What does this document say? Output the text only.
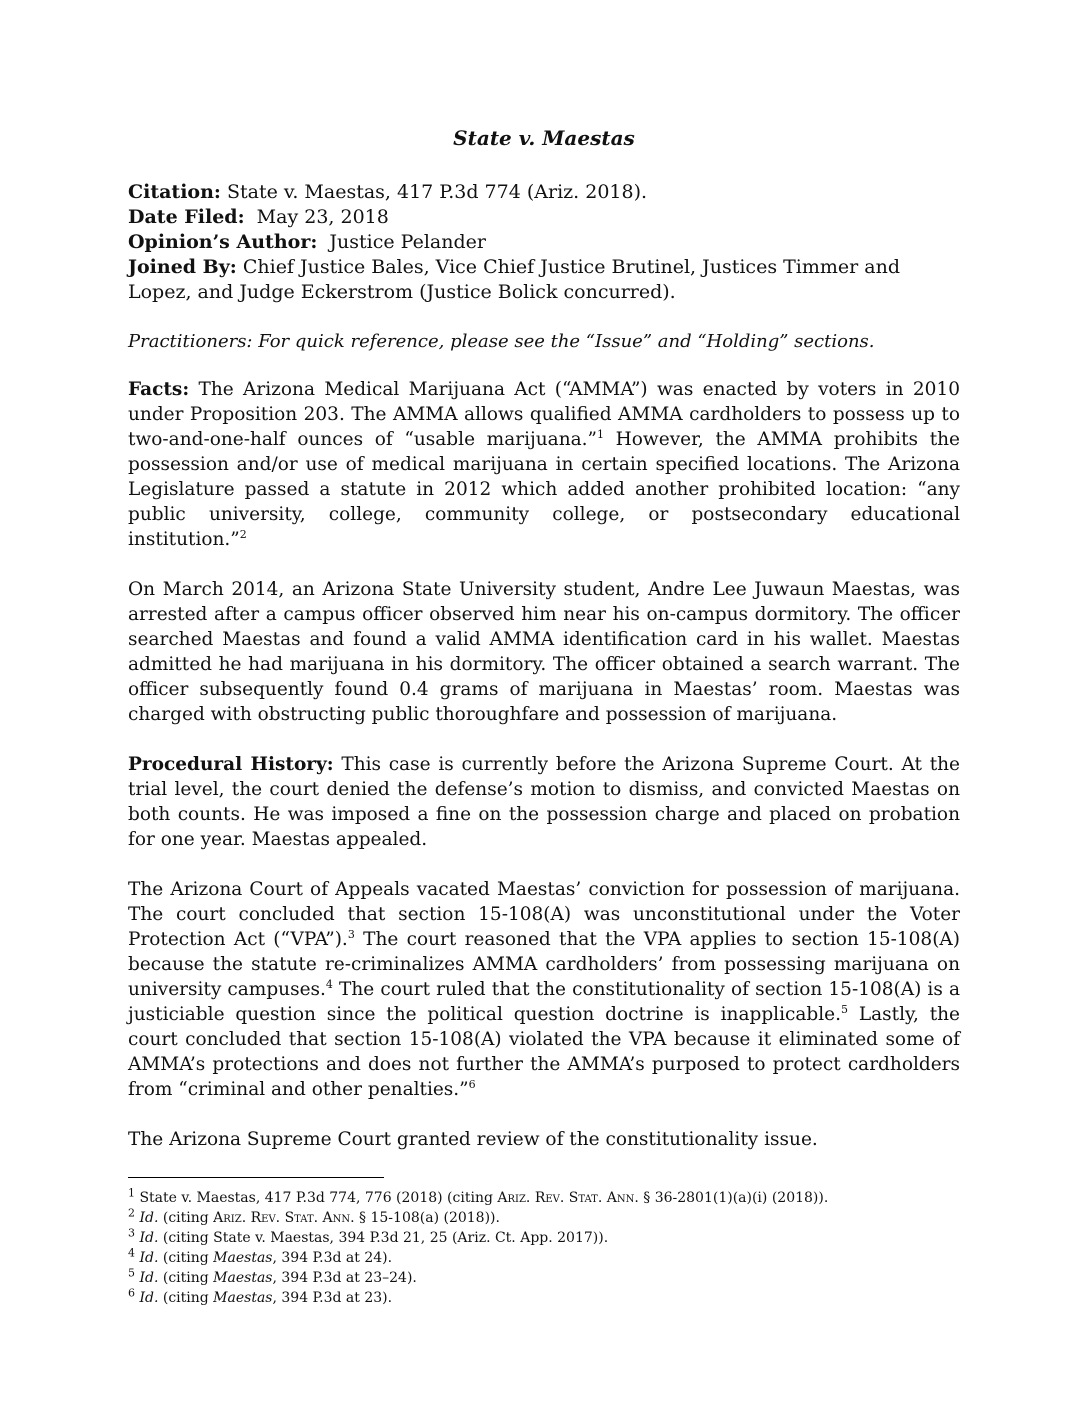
State v. Maestas
Citation: State v. Maestas, 417 P.3d 774 (Ariz. 2018).
Date Filed:  May 23, 2018
Opinion’s Author:  Justice Pelander
Joined By: Chief Justice Bales, Vice Chief Justice Brutinel, Justices Timmer and Lopez, and Judge Eckerstrom (Justice Bolick concurred).
Practitioners: For quick reference, please see the “Issue” and “Holding” sections.

Facts: The Arizona Medical Marijuana Act (“AMMA”) was enacted by voters in 2010 under Proposition 203. The AMMA allows qualified AMMA cardholders to possess up to two-and-one-half ounces of “usable marijuana.”$^1$ However, the AMMA prohibits the possession and/or use of medical marijuana in certain specified locations. The Arizona Legislature passed a statute in 2012 which added another prohibited location: “any public university, college, community college, or postsecondary educational institution.”$^2$

On March 2014, an Arizona State University student, Andre Lee Juwaun Maestas, was arrested after a campus officer observed him near his on-campus dormitory. The officer searched Maestas and found a valid AMMA identification card in his wallet. Maestas admitted he had marijuana in his dormitory. The officer obtained a search warrant. The officer subsequently found 0.4 grams of marijuana in Maestas’ room. Maestas was charged with obstructing public thoroughfare and possession of marijuana.

Procedural History: This case is currently before the Arizona Supreme Court. At the trial level, the court denied the defense’s motion to dismiss, and convicted Maestas on both counts. He was imposed a fine on the possession charge and placed on probation for one year. Maestas appealed.

The Arizona Court of Appeals vacated Maestas’ conviction for possession of marijuana. The court concluded that section 15-108(A) was unconstitutional under the Voter Protection Act (“VPA”).$^3$ The court reasoned that the VPA applies to section 15-108(A) because the statute re-criminalizes AMMA cardholders’ from possessing marijuana on university campuses.$^4$ The court ruled that the constitutionality of section 15-108(A) is a justiciable question since the political question doctrine is inapplicable.$^5$ Lastly, the court concluded that section 15-108(A) violated the VPA because it eliminated some of AMMA’s protections and does not further the AMMA’s purposed to protect cardholders from “criminal and other penalties.”$^6$

The Arizona Supreme Court granted review of the constitutionality issue.

$^1$ State v. Maestas, 417 P.3d 774, 776 (2018) (citing Ariz. Rev. Stat. Ann. § 36-2801(1)(a)(i) (2018)).

$^2$ Id. (citing Ariz. Rev. Stat. Ann. § 15-108(a) (2018)).

$^3$ Id. (citing State v. Maestas, 394 P.3d 21, 25 (Ariz. Ct. App. 2017)).

$^4$ Id. (citing Maestas, 394 P.3d at 24).

$^5$ Id. (citing Maestas, 394 P.3d at 23–24).

$^6$ Id. (citing Maestas, 394 P.3d at 23).
